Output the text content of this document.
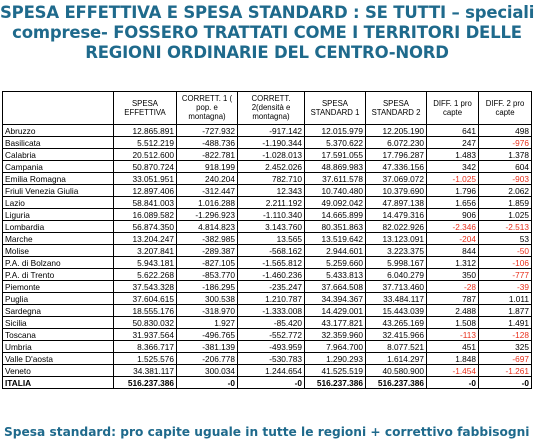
SPESA EFFETTIVA E SPESA STANDARD : SE TUTTI – speciali
comprese- FOSSERO TRATTATI COME I TERRITORI DELLE
REGIONI ORDINARIE DEL CENTRO-NORD
	SPESA EFFETTIVA	CORRETT. 1 ( pop. e montagna)	CORRETT. 2(densità e montagna)	SPESA STANDARD 1	SPESA STANDARD 2	DIFF. 1 pro capte	DIFF. 2 pro capte
Abruzzo	12.865.891	-727.932	-917.142	12.015.979	12.205.190	641	498
Basilicata	5.512.219	-488.736	-1.190.344	5.370.622	6.072.230	247	-976
Calabria	20.512.600	-822.781	-1.028.013	17.591.055	17.796.287	1.483	1.378
Campania	50.870.724	918.199	2.452.026	48.869.983	47.336.156	342	604
Emilia Romagna	33.051.951	240.204	782.710	37.611.578	37.069.072	-1.025	-903
Friuli Venezia Giulia	12.897.406	-312.447	12.343	10.740.480	10.379.690	1.796	2.062
Lazio	58.841.003	1.016.288	2.211.192	49.092.042	47.897.138	1.656	1.859
Liguria	16.089.582	-1.296.923	-1.110.340	14.665.899	14.479.316	906	1.025
Lombardia	56.874.350	4.814.823	3.143.760	80.351.863	82.022.926	-2.346	-2.513
Marche	13.204.247	-382.985	13.565	13.519.642	13.123.091	-204	53
Molise	3.207.841	-289.387	-568.162	2.944.601	3.223.375	844	-50
P.A. di Bolzano	5.943.181	-827.105	-1.565.812	5.259.660	5.998.167	1.312	-106
P.A. di Trento	5.622.268	-853.770	-1.460.236	5.433.813	6.040.279	350	-777
Piemonte	37.543.328	-186.295	-235.247	37.664.508	37.713.460	-28	-39
Puglia	37.604.615	300.538	1.210.787	34.394.367	33.484.117	787	1.011
Sardegna	18.555.176	-318.970	-1.333.008	14.429.001	15.443.039	2.488	1.877
Sicilia	50.830.032	1.927	-85.420	43.177.821	43.265.169	1.508	1.491
Toscana	31.937.564	-496.765	-552.772	32.359.960	32.415.966	-113	-128
Umbria	8.366.717	-381.139	-493.959	7.964.700	8.077.521	451	325
Valle D'aosta	1.525.576	-206.778	-530.783	1.290.293	1.614.297	1.848	-697
Veneto	34.381.117	300.034	1.244.654	41.525.519	40.580.900	-1.454	-1.261
ITALIA	516.237.386	-0	-0	516.237.386	516.237.386	-0	-0
Spesa standard: pro capite uguale in tutte le regioni + correttivo fabbisogni
